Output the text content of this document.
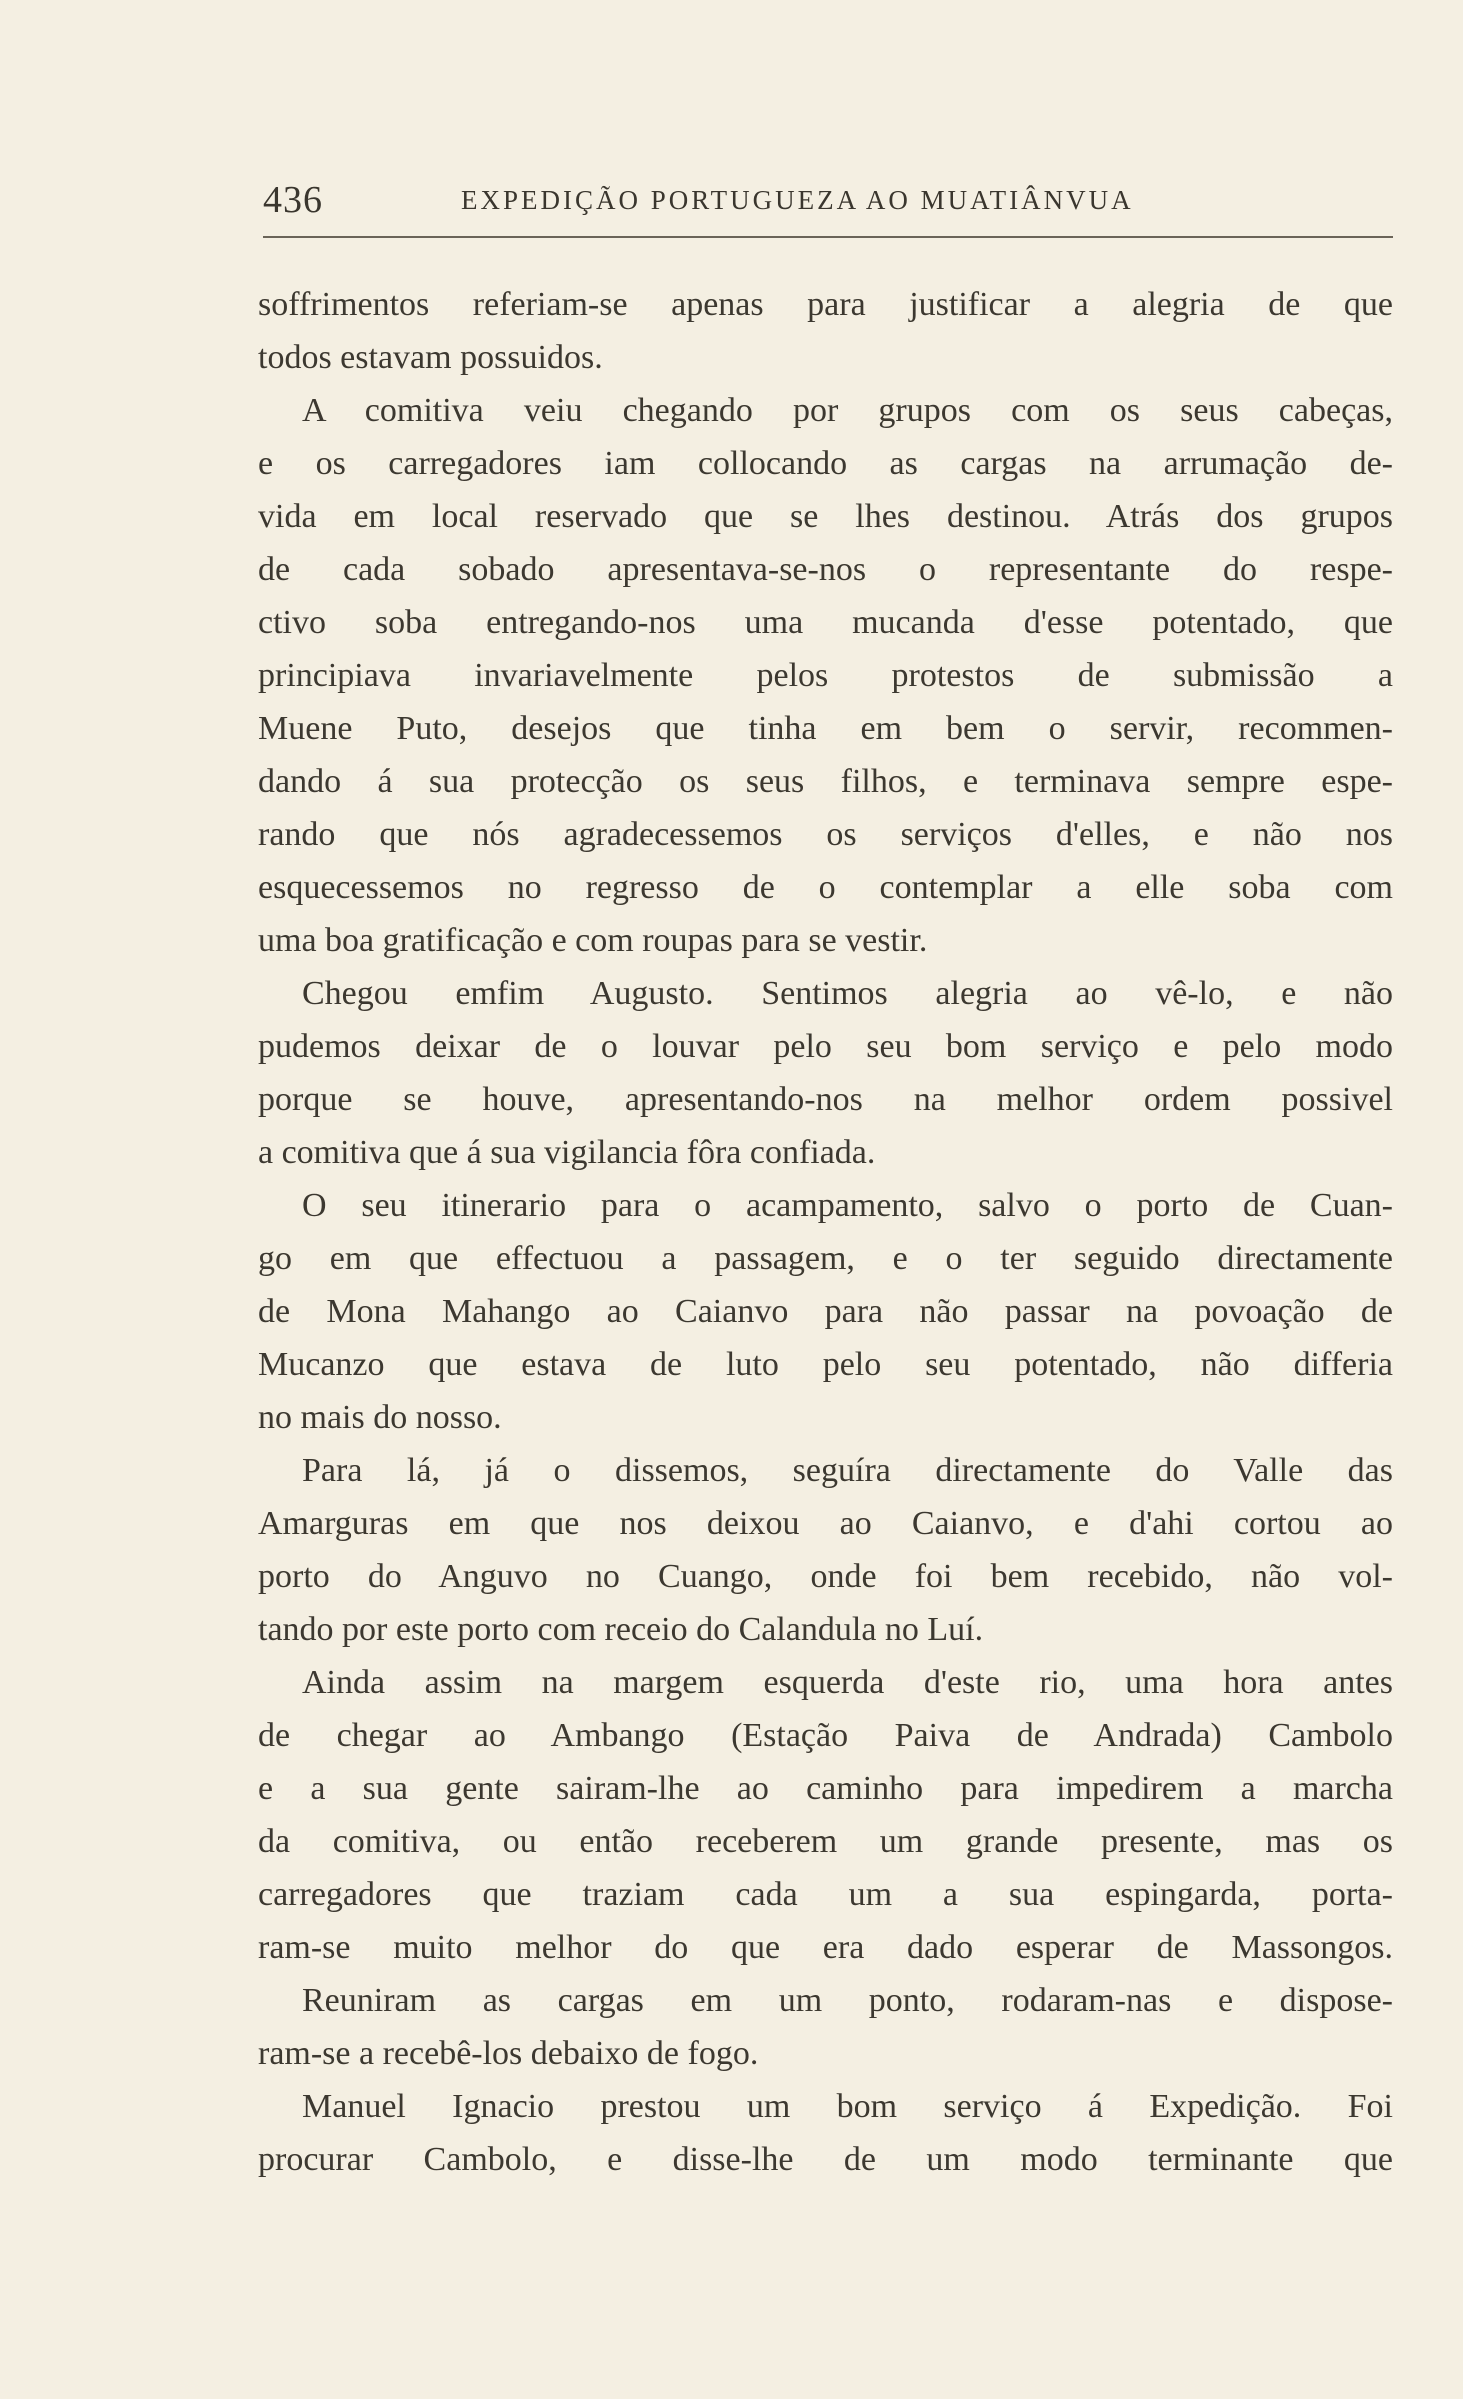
436	EXPEDIÇÃO PORTUGUEZA AO MUATIÂNVUA
soffrimentos referiam-se apenas para justificar a alegria de que
todos estavam possuidos.
A comitiva veiu chegando por grupos com os seus cabeças,
e os carregadores iam collocando as cargas na arrumação de-
vida em local reservado que se lhes destinou. Atrás dos grupos
de cada sobado apresentava-se-nos o representante do respe-
ctivo soba entregando-nos uma mucanda d'esse potentado, que
principiava invariavelmente pelos protestos de submissão a
Muene Puto, desejos que tinha em bem o servir, recommen-
dando á sua protecção os seus filhos, e terminava sempre espe-
rando que nós agradecessemos os serviços d'elles, e não nos
esquecessemos no regresso de o contemplar a elle soba com
uma boa gratificação e com roupas para se vestir.
Chegou emfim Augusto. Sentimos alegria ao vê-lo, e não
pudemos deixar de o louvar pelo seu bom serviço e pelo modo
porque se houve, apresentando-nos na melhor ordem possivel
a comitiva que á sua vigilancia fôra confiada.
O seu itinerario para o acampamento, salvo o porto de Cuan-
go em que effectuou a passagem, e o ter seguido directamente
de Mona Mahango ao Caianvo para não passar na povoação de
Mucanzo que estava de luto pelo seu potentado, não differia
no mais do nosso.
Para lá, já o dissemos, seguíra directamente do Valle das
Amarguras em que nos deixou ao Caianvo, e d'ahi cortou ao
porto do Anguvo no Cuango, onde foi bem recebido, não vol-
tando por este porto com receio do Calandula no Luí.
Ainda assim na margem esquerda d'este rio, uma hora antes
de chegar ao Ambango (Estação Paiva de Andrada) Cambolo
e a sua gente sairam-lhe ao caminho para impedirem a marcha
da comitiva, ou então receberem um grande presente, mas os
carregadores que traziam cada um a sua espingarda, porta-
ram-se muito melhor do que era dado esperar de Massongos.
Reuniram as cargas em um ponto, rodaram-nas e dispose-
ram-se a recebê-los debaixo de fogo.
Manuel Ignacio prestou um bom serviço á Expedição. Foi
procurar Cambolo, e disse-lhe de um modo terminante que
